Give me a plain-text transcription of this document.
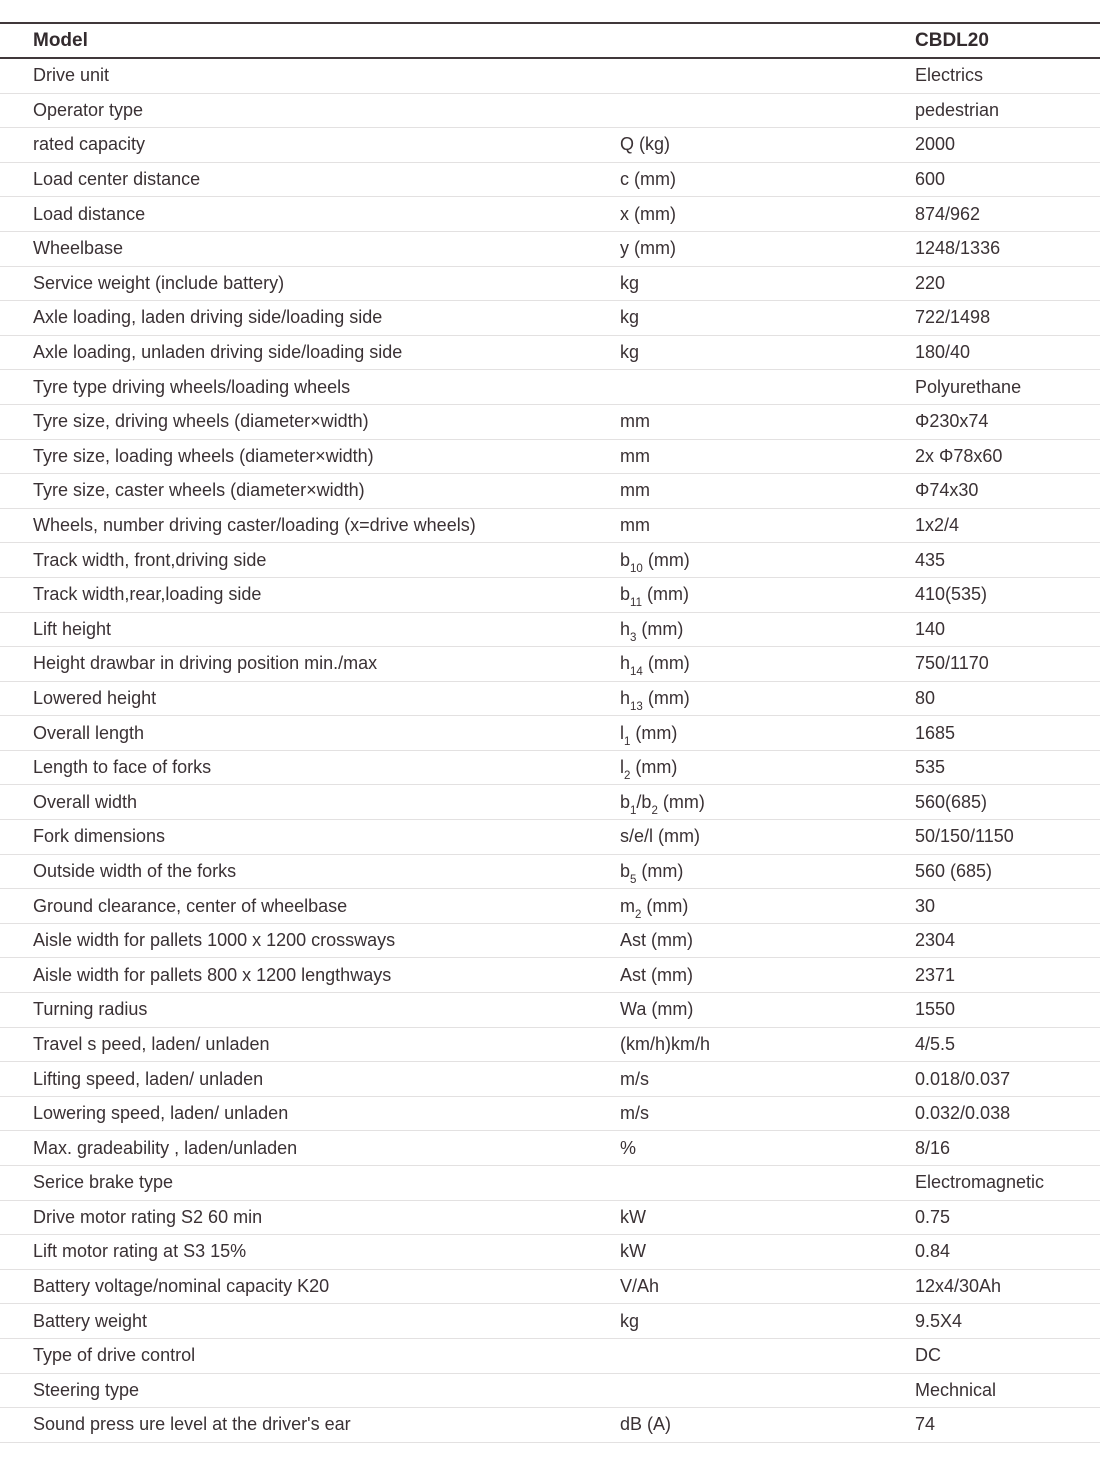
Model		CBDL20
Drive unit		Electrics
Operator type		pedestrian
rated capacity	Q (kg)	2000
Load center distance	c (mm)	600
Load distance	x (mm)	874/962
Wheelbase	y (mm)	1248/1336
Service weight (include battery)	kg	220
Axle loading, laden driving side/loading side	kg	722/1498
Axle loading, unladen driving side/loading side	kg	180/40
Tyre type driving wheels/loading wheels		Polyurethane
Tyre size, driving wheels (diameter×width)	mm	Φ230x74
Tyre size, loading wheels (diameter×width)	mm	2x Φ78x60
Tyre size, caster wheels (diameter×width)	mm	Φ74x30
Wheels, number driving caster/loading (x=drive wheels)	mm	1x2/4
Track width, front,driving side	$b_{10}$ (mm)	435
Track width,rear,loading side	$b_{11}$ (mm)	410(535)
Lift height	$h_3$ (mm)	140
Height drawbar in driving position min./max	$h_{14}$ (mm)	750/1170
Lowered height	$h_{13}$ (mm)	80
Overall length	$l_1$ (mm)	1685
Length to face of forks	$l_2$ (mm)	535
Overall width	$b_1/b_2$ (mm)	560(685)
Fork dimensions	s/e/l (mm)	50/150/1150
Outside width of the forks	$b_5$ (mm)	560 (685)
Ground clearance, center of wheelbase	$m_2$ (mm)	30
Aisle width for pallets 1000 x 1200 crossways	Ast (mm)	2304
Aisle width for pallets 800 x 1200 lengthways	Ast (mm)	2371
Turning radius	Wa (mm)	1550
Travel s peed, laden/ unladen	(km/h)km/h	4/5.5
Lifting speed, laden/ unladen	m/s	0.018/0.037
Lowering speed, laden/ unladen	m/s	0.032/0.038
Max. gradeability , laden/unladen	%	8/16
Serice brake type		Electromagnetic
Drive motor rating S2 60 min	kW	0.75
Lift motor rating at S3 15%	kW	0.84
Battery voltage/nominal capacity K20	V/Ah	12x4/30Ah
Battery weight	kg	9.5X4
Type of drive control		DC
Steering type		Mechnical
Sound press ure level at the driver's ear	dB (A)	74
